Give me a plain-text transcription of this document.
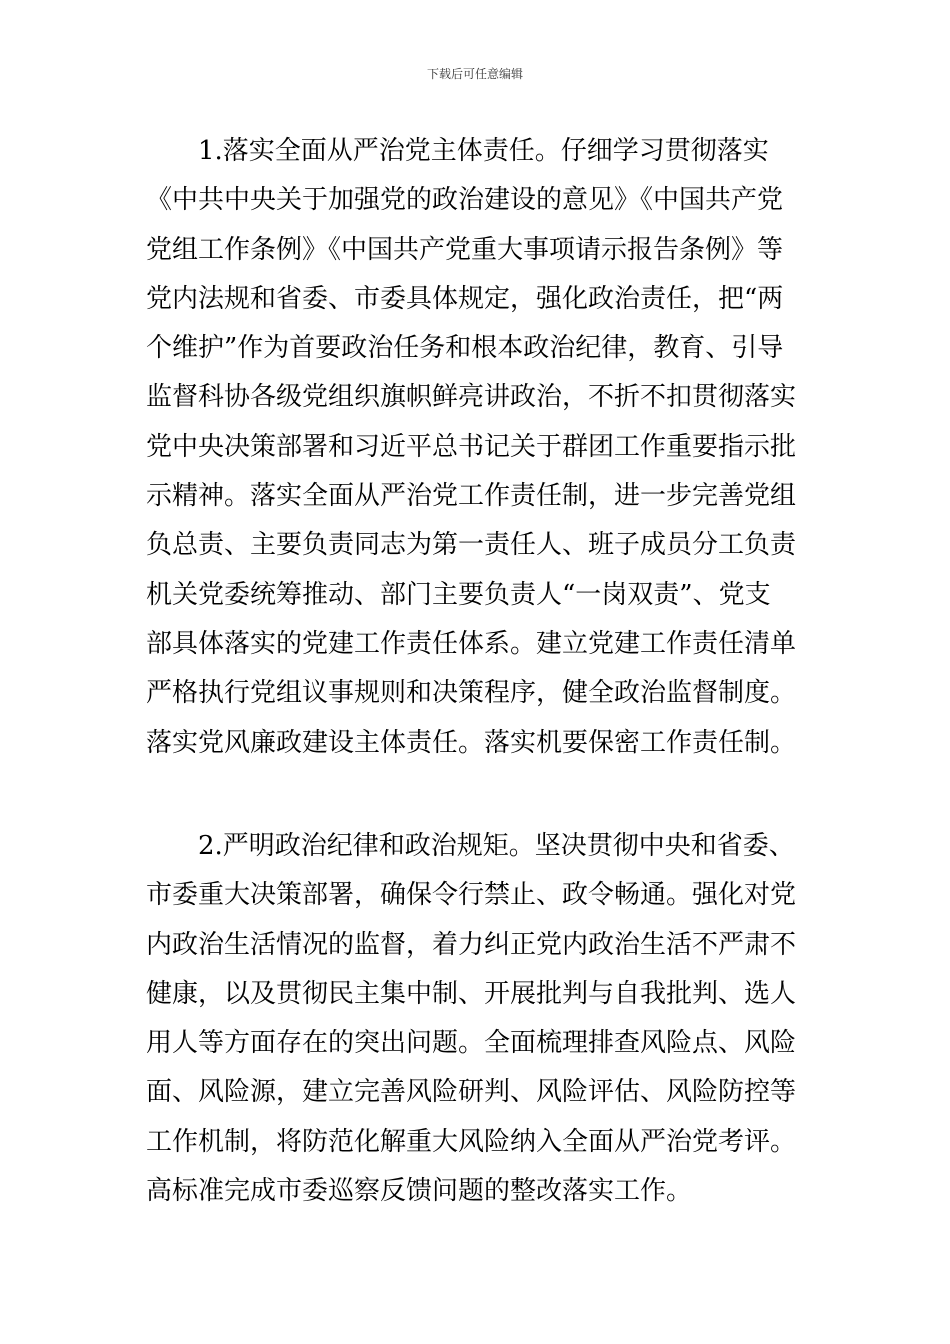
下载后可任意编辑
1.落实全面从严治党主体责任。仔细学习贯彻落实
《中共中央关于加强党的政治建设的意见》《中国共产党
党组工作条例》《中国共产党重大事项请示报告条例》等
党内法规和省委、市委具体规定，强化政治责任，把“两
个维护”作为首要政治任务和根本政治纪律，教育、引导
监督科协各级党组织旗帜鲜亮讲政治，不折不扣贯彻落实
党中央决策部署和习近平总书记关于群团工作重要指示批
示精神。落实全面从严治党工作责任制，进一步完善党组
负总责、主要负责同志为第一责任人、班子成员分工负责
机关党委统筹推动、部门主要负责人“一岗双责”、党支
部具体落实的党建工作责任体系。建立党建工作责任清单
严格执行党组议事规则和决策程序，健全政治监督制度。
落实党风廉政建设主体责任。落实机要保密工作责任制。
2.严明政治纪律和政治规矩。坚决贯彻中央和省委、
市委重大决策部署，确保令行禁止、政令畅通。强化对党
内政治生活情况的监督，着力纠正党内政治生活不严肃不
健康，以及贯彻民主集中制、开展批判与自我批判、选人
用人等方面存在的突出问题。全面梳理排查风险点、风险
面、风险源，建立完善风险研判、风险评估、风险防控等
工作机制，将防范化解重大风险纳入全面从严治党考评。
高标准完成市委巡察反馈问题的整改落实工作。
